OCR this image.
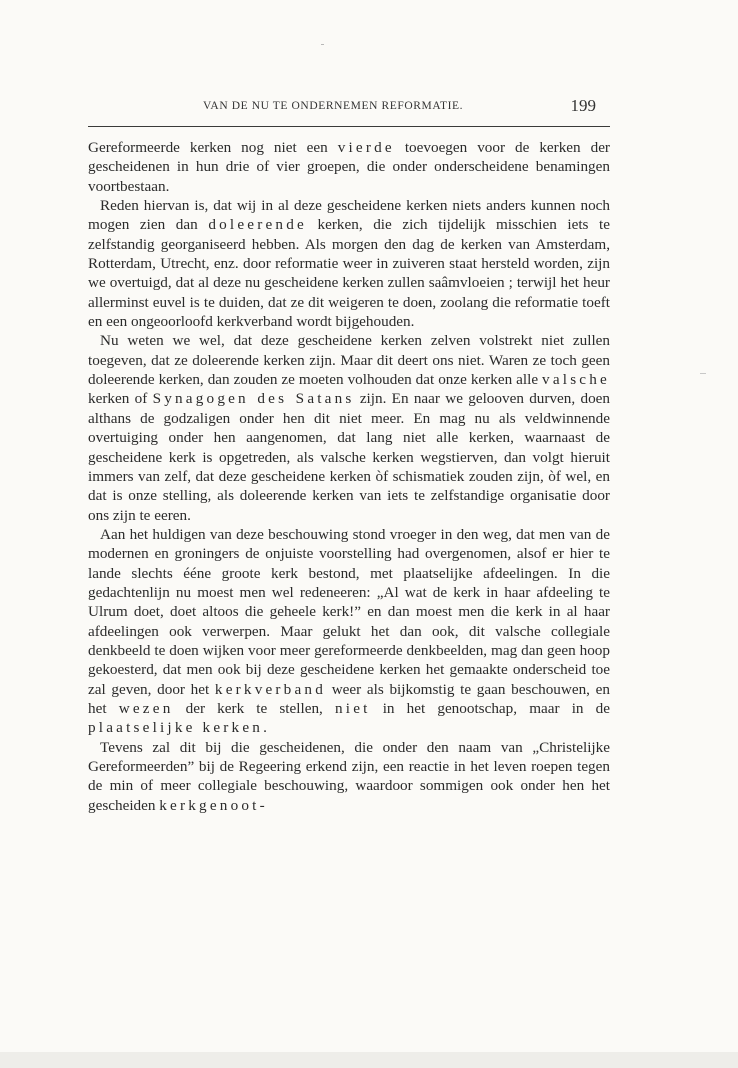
VAN DE NU TE ONDERNEMEN REFORMATIE.	199

Gereformeerde kerken nog niet een vierde toevoegen voor de kerken der gescheidenen in hun drie of vier groepen, die onder onderscheidene benamingen voortbestaan.

Reden hiervan is, dat wij in al deze gescheidene kerken niets anders kunnen noch mogen zien dan doleerende kerken, die zich tijdelijk misschien iets te zelfstandig georganiseerd hebben. Als morgen den dag de kerken van Amsterdam, Rotterdam, Utrecht, enz. door reformatie weer in zuiveren staat hersteld worden, zijn we overtuigd, dat al deze nu gescheidene kerken zullen saâmvloeien ; terwijl het heur allerminst euvel is te duiden, dat ze dit weigeren te doen, zoolang die reformatie toeft en een ongeoorloofd kerkverband wordt bijgehouden.

Nu weten we wel, dat deze gescheidene kerken zelven volstrekt niet zullen toegeven, dat ze doleerende kerken zijn. Maar dit deert ons niet. Waren ze toch geen doleerende kerken, dan zouden ze moeten volhouden dat onze kerken alle valsche kerken of Synagogen des Satans zijn. En naar we gelooven durven, doen althans de godzaligen onder hen dit niet meer. En mag nu als veldwinnende overtuiging onder hen aangenomen, dat lang niet alle kerken, waarnaast de gescheidene kerk is opgetreden, als valsche kerken wegstierven, dan volgt hieruit immers van zelf, dat deze gescheidene kerken òf schismatiek zouden zijn, òf wel, en dat is onze stelling, als doleerende kerken van iets te zelfstandige organisatie door ons zijn te eeren.

Aan het huldigen van deze beschouwing stond vroeger in den weg, dat men van de modernen en groningers de onjuiste voorstelling had overgenomen, alsof er hier te lande slechts ééne groote kerk bestond, met plaatselijke afdeelingen. In die gedachtenlijn nu moest men wel redeneeren: „Al wat de kerk in haar afdeeling te Ulrum doet, doet altoos die geheele kerk!” en dan moest men die kerk in al haar afdeelingen ook verwerpen. Maar gelukt het dan ook, dit valsche collegiale denkbeeld te doen wijken voor meer gereformeerde denkbeelden, mag dan geen hoop gekoesterd, dat men ook bij deze gescheidene kerken het gemaakte onderscheid toe zal geven, door het kerkverband weer als bijkomstig te gaan beschouwen, en het wezen der kerk te stellen, niet in het genootschap, maar in de plaatselijke kerken.

Tevens zal dit bij die gescheidenen, die onder den naam van „Christelijke Gereformeerden” bij de Regeering erkend zijn, een reactie in het leven roepen tegen de min of meer collegiale beschouwing, waardoor sommigen ook onder hen het gescheiden kerkgenoot-
